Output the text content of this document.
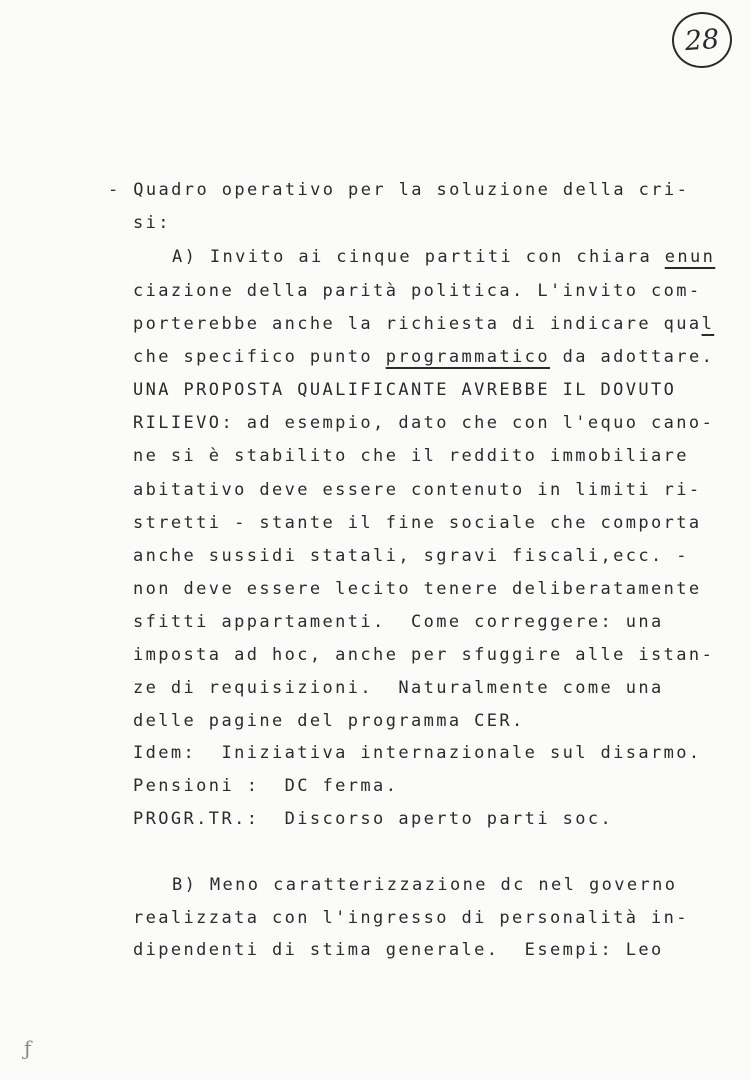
28
- Quadro operativo per la soluzione della cri-
si:
A) Invito ai cinque partiti con chiara enun
ciazione della parità politica. L'invito com-
porterebbe anche la richiesta di indicare qual
che specifico punto programmatico da adottare.
UNA PROPOSTA QUALIFICANTE AVREBBE IL DOVUTO
RILIEVO: ad esempio, dato che con l'equo cano-
ne si è stabilito che il reddito immobiliare
abitativo deve essere contenuto in limiti ri-
stretti - stante il fine sociale che comporta
anche sussidi statali, sgravi fiscali,ecc. -
non deve essere lecito tenere deliberatamente
sfitti appartamenti.  Come correggere: una
imposta ad hoc, anche per sfuggire alle istan-
ze di requisizioni.  Naturalmente come una
delle pagine del programma CER.
Idem:  Iniziativa internazionale sul disarmo.
Pensioni :  DC ferma.
PROGR.TR.:  Discorso aperto parti soc.
B) Meno caratterizzazione dc nel governo
realizzata con l'ingresso di personalità in-
dipendenti di stima generale.  Esempi: Leo
ƒ
